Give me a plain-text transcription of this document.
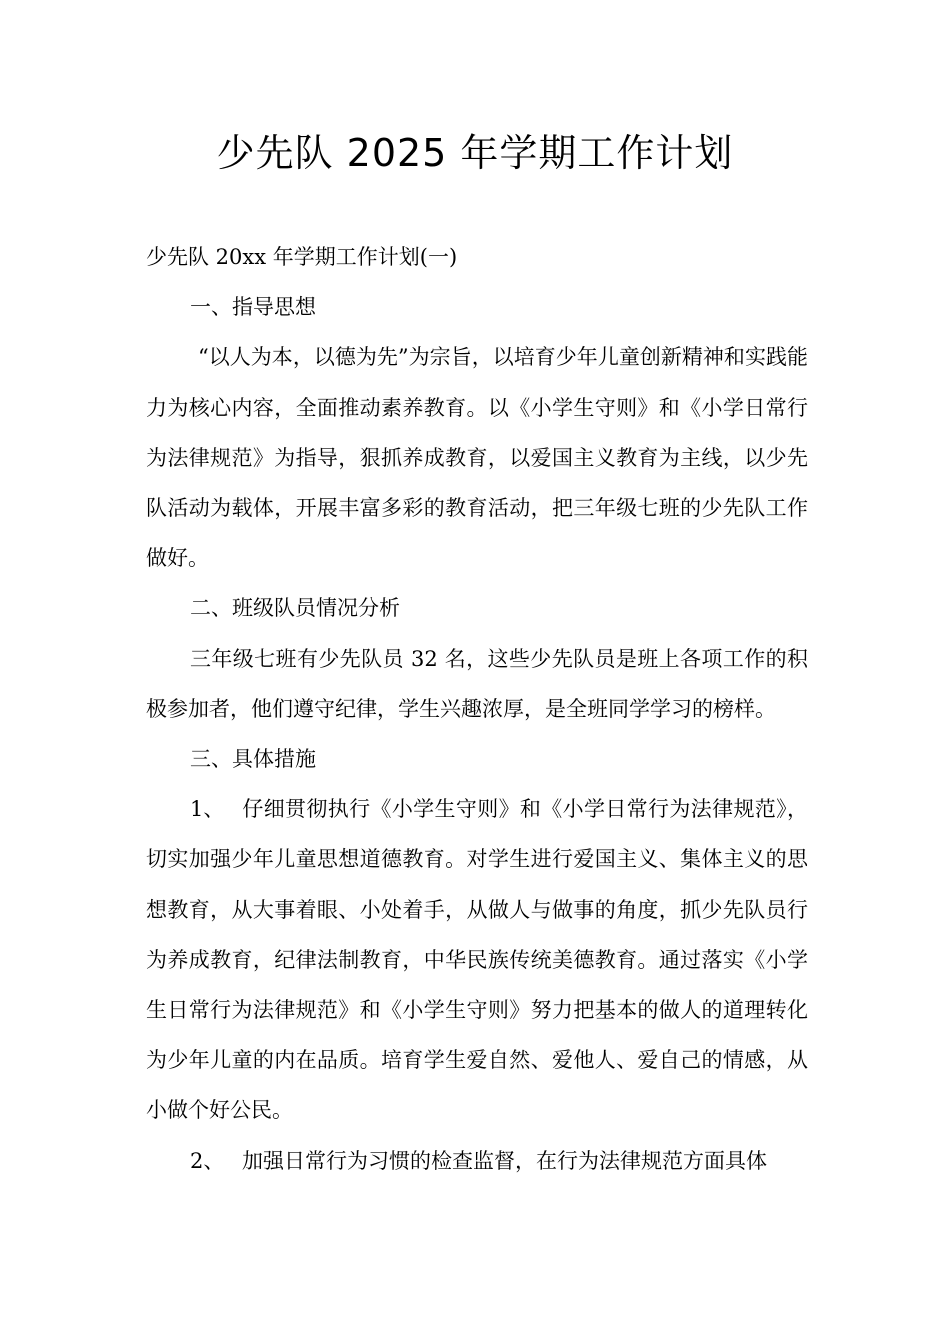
少先队 2025 年学期工作计划

少先队 20xx 年学期工作计划(一)

一、指导思想

“以人为本，以德为先”为宗旨，以培育少年儿童创新精神和实践能力为核心内容，全面推动素养教育。以《小学生守则》和《小学日常行为法律规范》为指导，狠抓养成教育，以爱国主义教育为主线，以少先队活动为载体，开展丰富多彩的教育活动，把三年级七班的少先队工作做好。

二、班级队员情况分析

三年级七班有少先队员 32 名，这些少先队员是班上各项工作的积极参加者，他们遵守纪律，学生兴趣浓厚，是全班同学学习的榜样。

三、具体措施

1、 仔细贯彻执行《小学生守则》和《小学日常行为法律规范》，切实加强少年儿童思想道德教育。对学生进行爱国主义、集体主义的思想教育，从大事着眼、小处着手，从做人与做事的角度，抓少先队员行为养成教育，纪律法制教育，中华民族传统美德教育。通过落实《小学生日常行为法律规范》和《小学生守则》努力把基本的做人的道理转化为少年儿童的内在品质。培育学生爱自然、爱他人、爱自己的情感，从小做个好公民。

2、 加强日常行为习惯的检查监督，在行为法律规范方面具体
